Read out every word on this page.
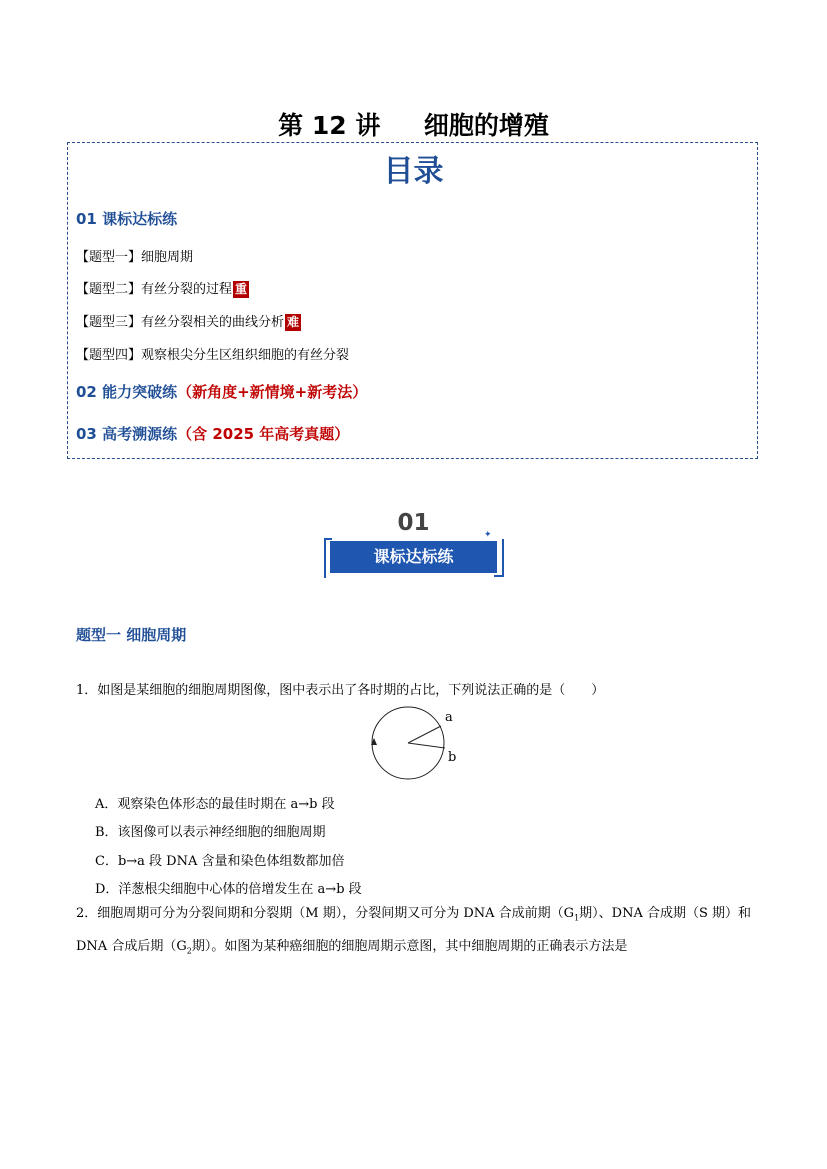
第 12 讲     细胞的增殖
目录
01 课标达标练
【题型一】细胞周期
【题型二】有丝分裂的过程 重
【题型三】有丝分裂相关的曲线分析 难
【题型四】观察根尖分生区组织细胞的有丝分裂
02 能力突破练（新角度+新情境+新考法）
03 高考溯源练（含 2025 年高考真题）
01
课标达标练
✦
题型一 细胞周期
1．如图是某细胞的细胞周期图像，图中表示出了各时期的占比，下列说法正确的是（　　）
a
b
A．观察染色体形态的最佳时期在 a→b 段
B．该图像可以表示神经细胞的细胞周期
C．b→a 段 DNA 含量和染色体组数都加倍
D．洋葱根尖细胞中心体的倍增发生在 a→b 段
2．细胞周期可分为分裂间期和分裂期（M 期），分裂间期又可分为 DNA 合成前期（$G_1$期）、DNA 合成期（S 期）和 DNA 合成后期（$G_2$期）。如图为某种癌细胞的细胞周期示意图，其中细胞周期的正确表示方法是
